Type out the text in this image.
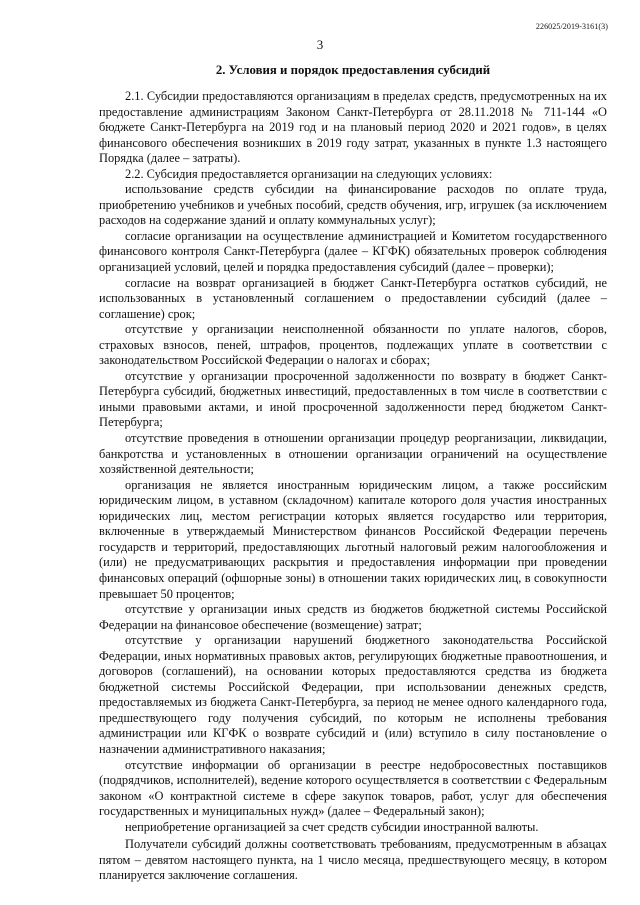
226025/2019-3161(3)
3
2. Условия и порядок предоставления субсидий

2.1. Субсидии предоставляются организациям в пределах средств, предусмотренных на их предоставление администрациям Законом Санкт-Петербурга от 28.11.2018 № 711-144 «О бюджете Санкт-Петербурга на 2019 год и на плановый период 2020 и 2021 годов», в целях финансового обеспечения возникших в 2019 году затрат, указанных в пункте 1.3 настоящего Порядка (далее – затраты).

2.2. Субсидия предоставляется организации на следующих условиях:

использование средств субсидии на финансирование расходов по оплате труда, приобретению учебников и учебных пособий, средств обучения, игр, игрушек (за исключением расходов на содержание зданий и оплату коммунальных услуг);

согласие организации на осуществление администрацией и Комитетом государственного финансового контроля Санкт-Петербурга (далее – КГФК) обязательных проверок соблюдения организацией условий, целей и порядка предоставления субсидий (далее – проверки);

согласие на возврат организацией в бюджет Санкт-Петербурга остатков субсидий, не использованных в установленный соглашением о предоставлении субсидий (далее – соглашение) срок;

отсутствие у организации неисполненной обязанности по уплате налогов, сборов, страховых взносов, пеней, штрафов, процентов, подлежащих уплате в соответствии с законодательством Российской Федерации о налогах и сборах;

отсутствие у организации просроченной задолженности по возврату в бюджет Санкт-Петербурга субсидий, бюджетных инвестиций, предоставленных в том числе в соответствии с иными правовыми актами, и иной просроченной задолженности перед бюджетом Санкт-Петербурга;

отсутствие проведения в отношении организации процедур реорганизации, ликвидации, банкротства и установленных в отношении организации ограничений на осуществление хозяйственной деятельности;

организация не является иностранным юридическим лицом, а также российским юридическим лицом, в уставном (складочном) капитале которого доля участия иностранных юридических лиц, местом регистрации которых является государство или территория, включенные в утверждаемый Министерством финансов Российской Федерации перечень государств и территорий, предоставляющих льготный налоговый режим налогообложения и (или) не предусматривающих раскрытия и предоставления информации при проведении финансовых операций (офшорные зоны) в отношении таких юридических лиц, в совокупности превышает 50 процентов;

отсутствие у организации иных средств из бюджетов бюджетной системы Российской Федерации на финансовое обеспечение (возмещение) затрат;

отсутствие у организации нарушений бюджетного законодательства Российской Федерации, иных нормативных правовых актов, регулирующих бюджетные правоотношения, и договоров (соглашений), на основании которых предоставляются средства из бюджета бюджетной системы Российской Федерации, при использовании денежных средств, предоставляемых из бюджета Санкт-Петербурга, за период не менее одного календарного года, предшествующего году получения субсидий, по которым не исполнены требования администрации или КГФК о возврате субсидий и (или) вступило в силу постановление о назначении административного наказания;

отсутствие информации об организации в реестре недобросовестных поставщиков (подрядчиков, исполнителей), ведение которого осуществляется в соответствии с Федеральным законом «О контрактной системе в сфере закупок товаров, работ, услуг для обеспечения государственных и муниципальных нужд» (далее – Федеральный закон);

неприобретение организацией за счет средств субсидии иностранной валюты.

Получатели субсидий должны соответствовать требованиям, предусмотренным в абзацах пятом – девятом настоящего пункта, на 1 число месяца, предшествующего месяцу, в котором планируется заключение соглашения.
